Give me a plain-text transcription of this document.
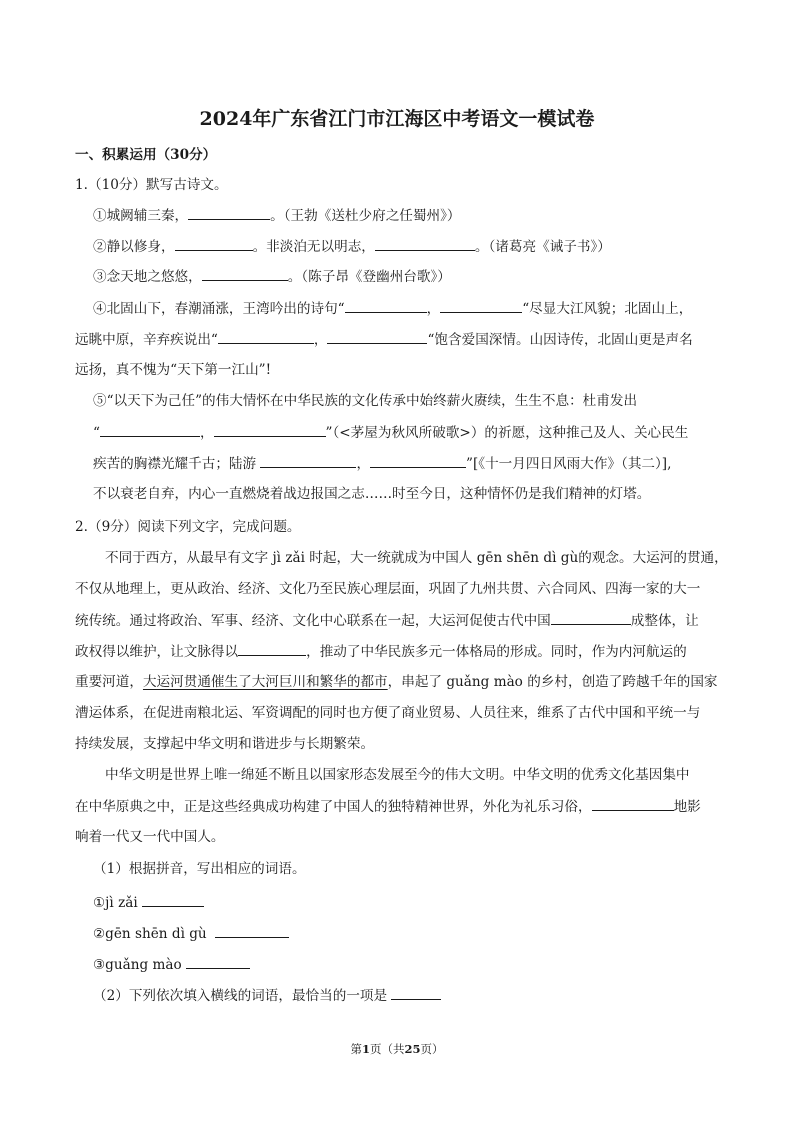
2024年广东省江门市江海区中考语文一模试卷
一、积累运用（30分）
1.（10分）默写古诗文。
①城阙辅三秦，	。（王勃《送杜少府之任蜀州》）
②静以修身，	。非淡泊无以明志，	。（诸葛亮《诫子书》）
③念天地之悠悠，	。（陈子昂《登幽州台歌》）
④北固山下，春潮涌涨，王湾吟出的诗句“	，	“尽显大江风貌；北固山上，
远眺中原，辛弃疾说出“	，	“饱含爱国深情。山因诗传，北固山更是声名
远扬，真不愧为“天下第一江山”!
⑤“以天下为己任”的伟大情怀在中华民族的文化传承中始终薪火赓续，生生不息：杜甫发出
“	，	”（<茅屋为秋风所破歌>）的祈愿，这种推己及人、关心民生
疾苦的胸襟光耀千古；陆游	，	”[《十一月四日风雨大作》（其二）],
不以衰老自弃，内心一直燃烧着战边报国之志……时至今日，这种情怀仍是我们精神的灯塔。
2.（9分）阅读下列文字，完成问题。
不同于西方，从最早有文字 jì zǎi 时起，大一统就成为中国人 gēn shēn dì gù的观念。大运河的贯通，
不仅从地理上，更从政治、经济、文化乃至民族心理层面，巩固了九州共贯、六合同风、四海一家的大一
统传统。通过将政治、军事、经济、文化中心联系在一起，大运河促使古代中国	成整体，让
政权得以维护，让文脉得以	，推动了中华民族多元一体格局的形成。同时，作为内河航运的
重要河道，大运河贯通催生了大河巨川和繁华的都市，串起了 guǎng mào 的乡村，创造了跨越千年的国家
漕运体系，在促进南粮北运、军资调配的同时也方便了商业贸易、人员往来，维系了古代中国和平统一与
持续发展，支撑起中华文明和谐进步与长期繁荣。
中华文明是世界上唯一绵延不断且以国家形态发展至今的伟大文明。中华文明的优秀文化基因集中
在中华原典之中，正是这些经典成功构建了中国人的独特精神世界，外化为礼乐习俗，	地影
响着一代又一代中国人。
（1）根据拼音，写出相应的词语。
①jì zǎi
②gēn shēn dì gù
③guǎng mào
（2）下列依次填入横线的词语，最恰当的一项是
第1页（共25页）
